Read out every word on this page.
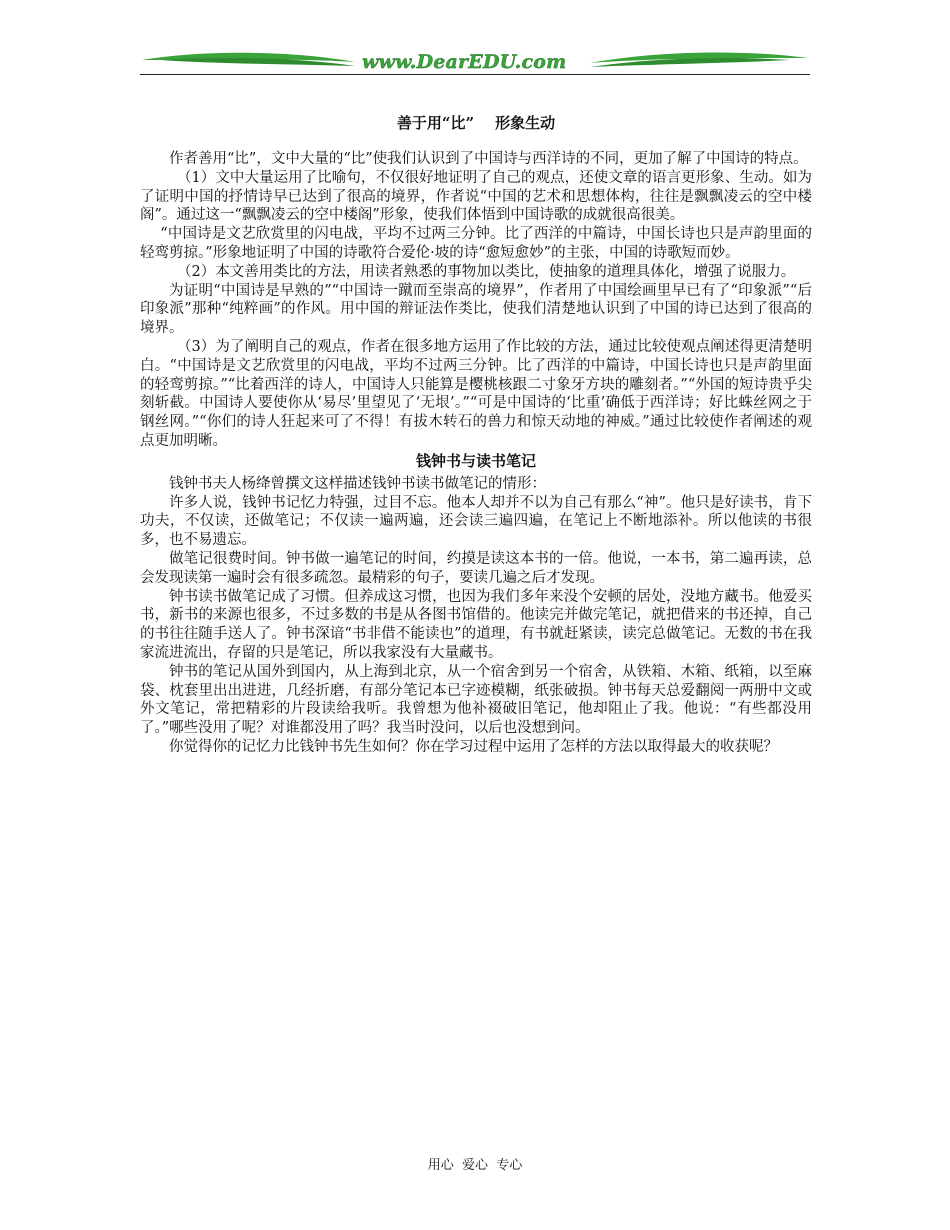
www.DearEDU.com
善于用“比”    形象生动

作者善用“比”，文中大量的“比”使我们认识到了中国诗与西洋诗的不同，更加了解了中国诗的特点。

（1）文中大量运用了比喻句，不仅很好地证明了自己的观点，还使文章的语言更形象、生动。如为了证明中国的抒情诗早已达到了很高的境界，作者说“中国的艺术和思想体构，往往是飘飘凌云的空中楼阁”。通过这一“飘飘凌云的空中楼阁”形象，使我们体悟到中国诗歌的成就很高很美。

“中国诗是文艺欣赏里的闪电战，平均不过两三分钟。比了西洋的中篇诗，中国长诗也只是声韵里面的轻鸾剪掠。”形象地证明了中国的诗歌符合爱伦·坡的诗“愈短愈妙”的主张，中国的诗歌短而妙。

（2）本文善用类比的方法，用读者熟悉的事物加以类比，使抽象的道理具体化，增强了说服力。

为证明“中国诗是早熟的”“中国诗一蹴而至崇高的境界”，作者用了中国绘画里早已有了“印象派”“后印象派”那种“纯粹画”的作风。用中国的辩证法作类比，使我们清楚地认识到了中国的诗已达到了很高的境界。

（3）为了阐明自己的观点，作者在很多地方运用了作比较的方法，通过比较使观点阐述得更清楚明白。“中国诗是文艺欣赏里的闪电战，平均不过两三分钟。比了西洋的中篇诗，中国长诗也只是声韵里面的轻鸾剪掠。”“比着西洋的诗人，中国诗人只能算是樱桃核跟二寸象牙方块的雕刻者。”“外国的短诗贵乎尖刻斩截。中国诗人要使你从‘易尽’里望见了‘无垠’。”“可是中国诗的‘比重’确低于西洋诗；好比蛛丝网之于钢丝网。”“你们的诗人狂起来可了不得！有拔木转石的兽力和惊天动地的神威。”通过比较使作者阐述的观点更加明晰。

钱钟书与读书笔记

钱钟书夫人杨绛曾撰文这样描述钱钟书读书做笔记的情形：

许多人说，钱钟书记忆力特强，过目不忘。他本人却并不以为自己有那么“神”。他只是好读书，肯下功夫，不仅读，还做笔记；不仅读一遍两遍，还会读三遍四遍，在笔记上不断地添补。所以他读的书很多，也不易遗忘。

做笔记很费时间。钟书做一遍笔记的时间，约摸是读这本书的一倍。他说，一本书，第二遍再读，总会发现读第一遍时会有很多疏忽。最精彩的句子，要读几遍之后才发现。

钟书读书做笔记成了习惯。但养成这习惯，也因为我们多年来没个安顿的居处，没地方藏书。他爱买书，新书的来源也很多，不过多数的书是从各图书馆借的。他读完并做完笔记，就把借来的书还掉，自己的书往往随手送人了。钟书深谙“书非借不能读也”的道理，有书就赶紧读，读完总做笔记。无数的书在我家流进流出，存留的只是笔记，所以我家没有大量藏书。

钟书的笔记从国外到国内，从上海到北京，从一个宿舍到另一个宿舍，从铁箱、木箱、纸箱，以至麻袋、枕套里出出进进，几经折磨，有部分笔记本已字迹模糊，纸张破损。钟书每天总爱翻阅一两册中文或外文笔记，常把精彩的片段读给我听。我曾想为他补裰破旧笔记，他却阻止了我。他说：“有些都没用了。”哪些没用了呢？对谁都没用了吗？我当时没问，以后也没想到问。

你觉得你的记忆力比钱钟书先生如何？你在学习过程中运用了怎样的方法以取得最大的收获呢？

用心  爱心  专心
